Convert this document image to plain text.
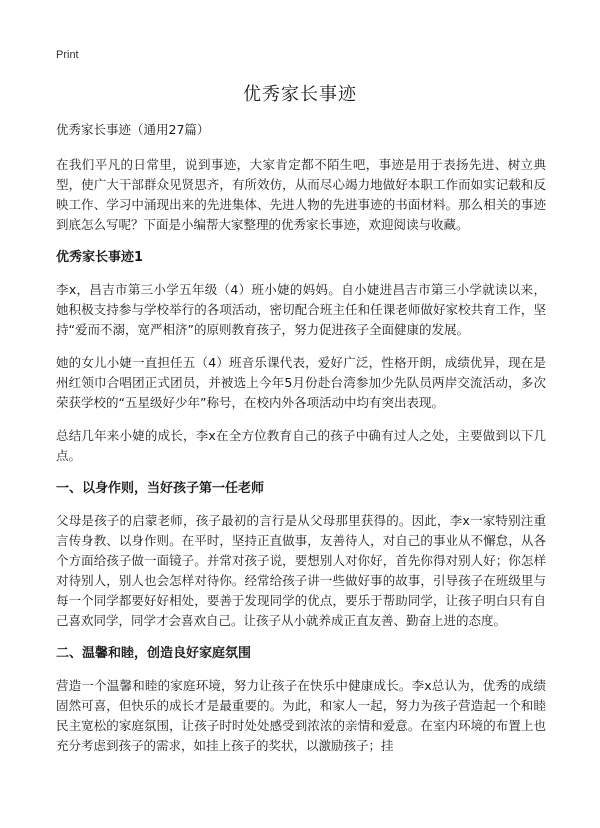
Print
优秀家长事迹

优秀家长事迹（通用27篇）

在我们平凡的日常里，说到事迹，大家肯定都不陌生吧，事迹是用于表扬先进、树立典型，使广大干部群众见贤思齐，有所效仿，从而尽心竭力地做好本职工作而如实记载和反映工作、学习中涌现出来的先进集体、先进人物的先进事迹的书面材料。那么相关的事迹到底怎么写呢？下面是小编帮大家整理的优秀家长事迹，欢迎阅读与收藏。

优秀家长事迹1

李x，昌吉市第三小学五年级（4）班小婕的妈妈。自小婕进昌吉市第三小学就读以来，她积极支持参与学校举行的各项活动，密切配合班主任和任课老师做好家校共育工作，坚持“爱而不溺，宽严相济”的原则教育孩子，努力促进孩子全面健康的发展。

她的女儿小婕一直担任五（4）班音乐课代表，爱好广泛，性格开朗，成绩优异，现在是州红领巾合唱团正式团员，并被选上今年5月份赴台湾参加少先队员两岸交流活动，多次荣获学校的“五星级好少年”称号，在校内外各项活动中均有突出表现。

总结几年来小婕的成长，李x在全方位教育自己的孩子中确有过人之处，主要做到以下几点。

一、以身作则，当好孩子第一任老师

父母是孩子的启蒙老师，孩子最初的言行是从父母那里获得的。因此，李x一家特别注重言传身教、以身作则。在平时，坚持正直做事，友善待人，对自己的事业从不懈怠，从各个方面给孩子做一面镜子。并常对孩子说，要想别人对你好，首先你得对别人好；你怎样对待别人，别人也会怎样对待你。经常给孩子讲一些做好事的故事，引导孩子在班级里与每一个同学都要好好相处，要善于发现同学的优点，要乐于帮助同学，让孩子明白只有自己喜欢同学，同学才会喜欢自己。让孩子从小就养成正直友善、勤奋上进的态度。

二、温馨和睦，创造良好家庭氛围

营造一个温馨和睦的家庭环境，努力让孩子在快乐中健康成长。李x总认为，优秀的成绩固然可喜，但快乐的成长才是最重要的。为此，和家人一起，努力为孩子营造起一个和睦民主宽松的家庭氛围，让孩子时时处处感受到浓浓的亲情和爱意。在室内环境的布置上也充分考虑到孩子的需求，如挂上孩子的奖状，以激励孩子；挂
